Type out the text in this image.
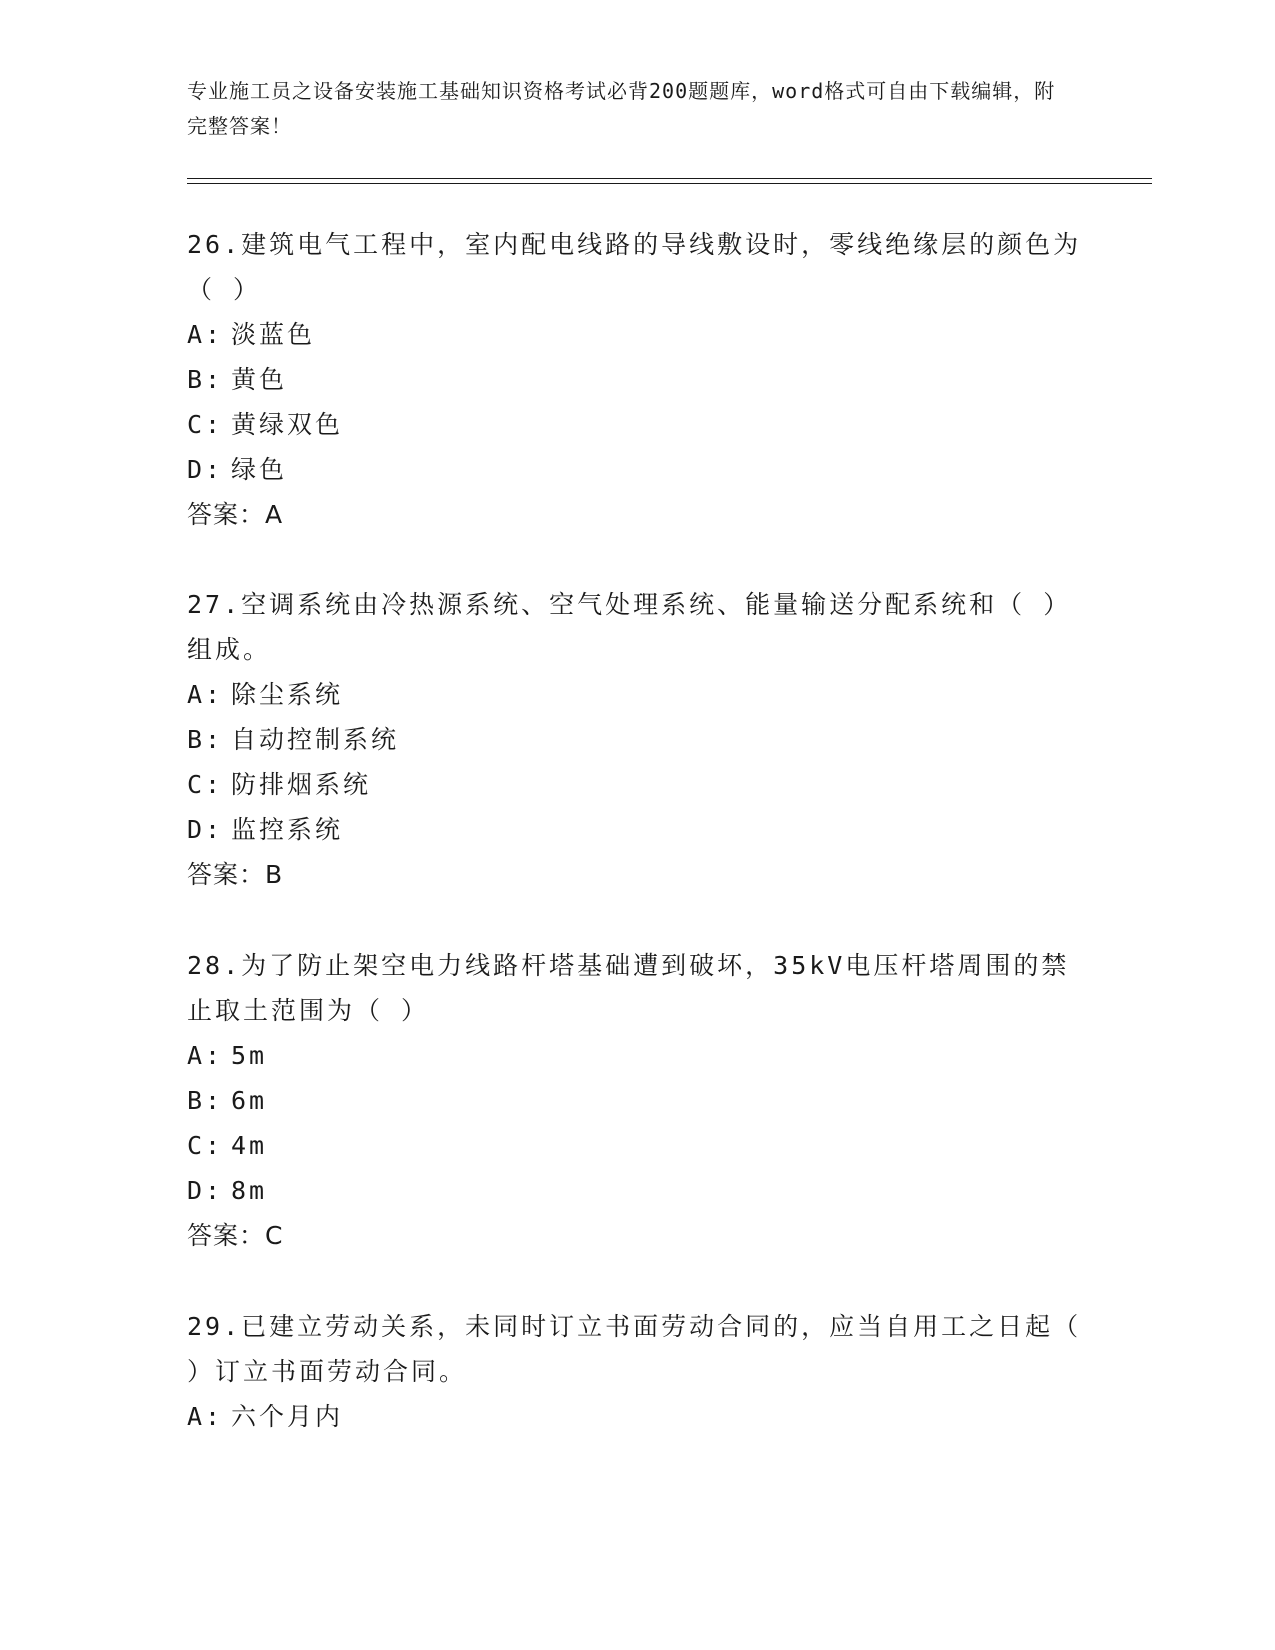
专业施工员之设备安装施工基础知识资格考试必背200题题库，word格式可自由下载编辑，附完整答案！

26.建筑电气工程中，室内配电线路的导线敷设时，零线绝缘层的颜色为（ ）

A: 淡蓝色

B: 黄色

C: 黄绿双色

D: 绿色

答案：A

27.空调系统由冷热源系统、空气处理系统、能量输送分配系统和（ ）组成。

A: 除尘系统

B: 自动控制系统

C: 防排烟系统

D: 监控系统

答案：B

28.为了防止架空电力线路杆塔基础遭到破坏，35kV电压杆塔周围的禁止取土范围为（ ）

A: 5m

B: 6m

C: 4m

D: 8m

答案：C

29.已建立劳动关系，未同时订立书面劳动合同的，应当自用工之日起（ ）订立书面劳动合同。

A: 六个月内
